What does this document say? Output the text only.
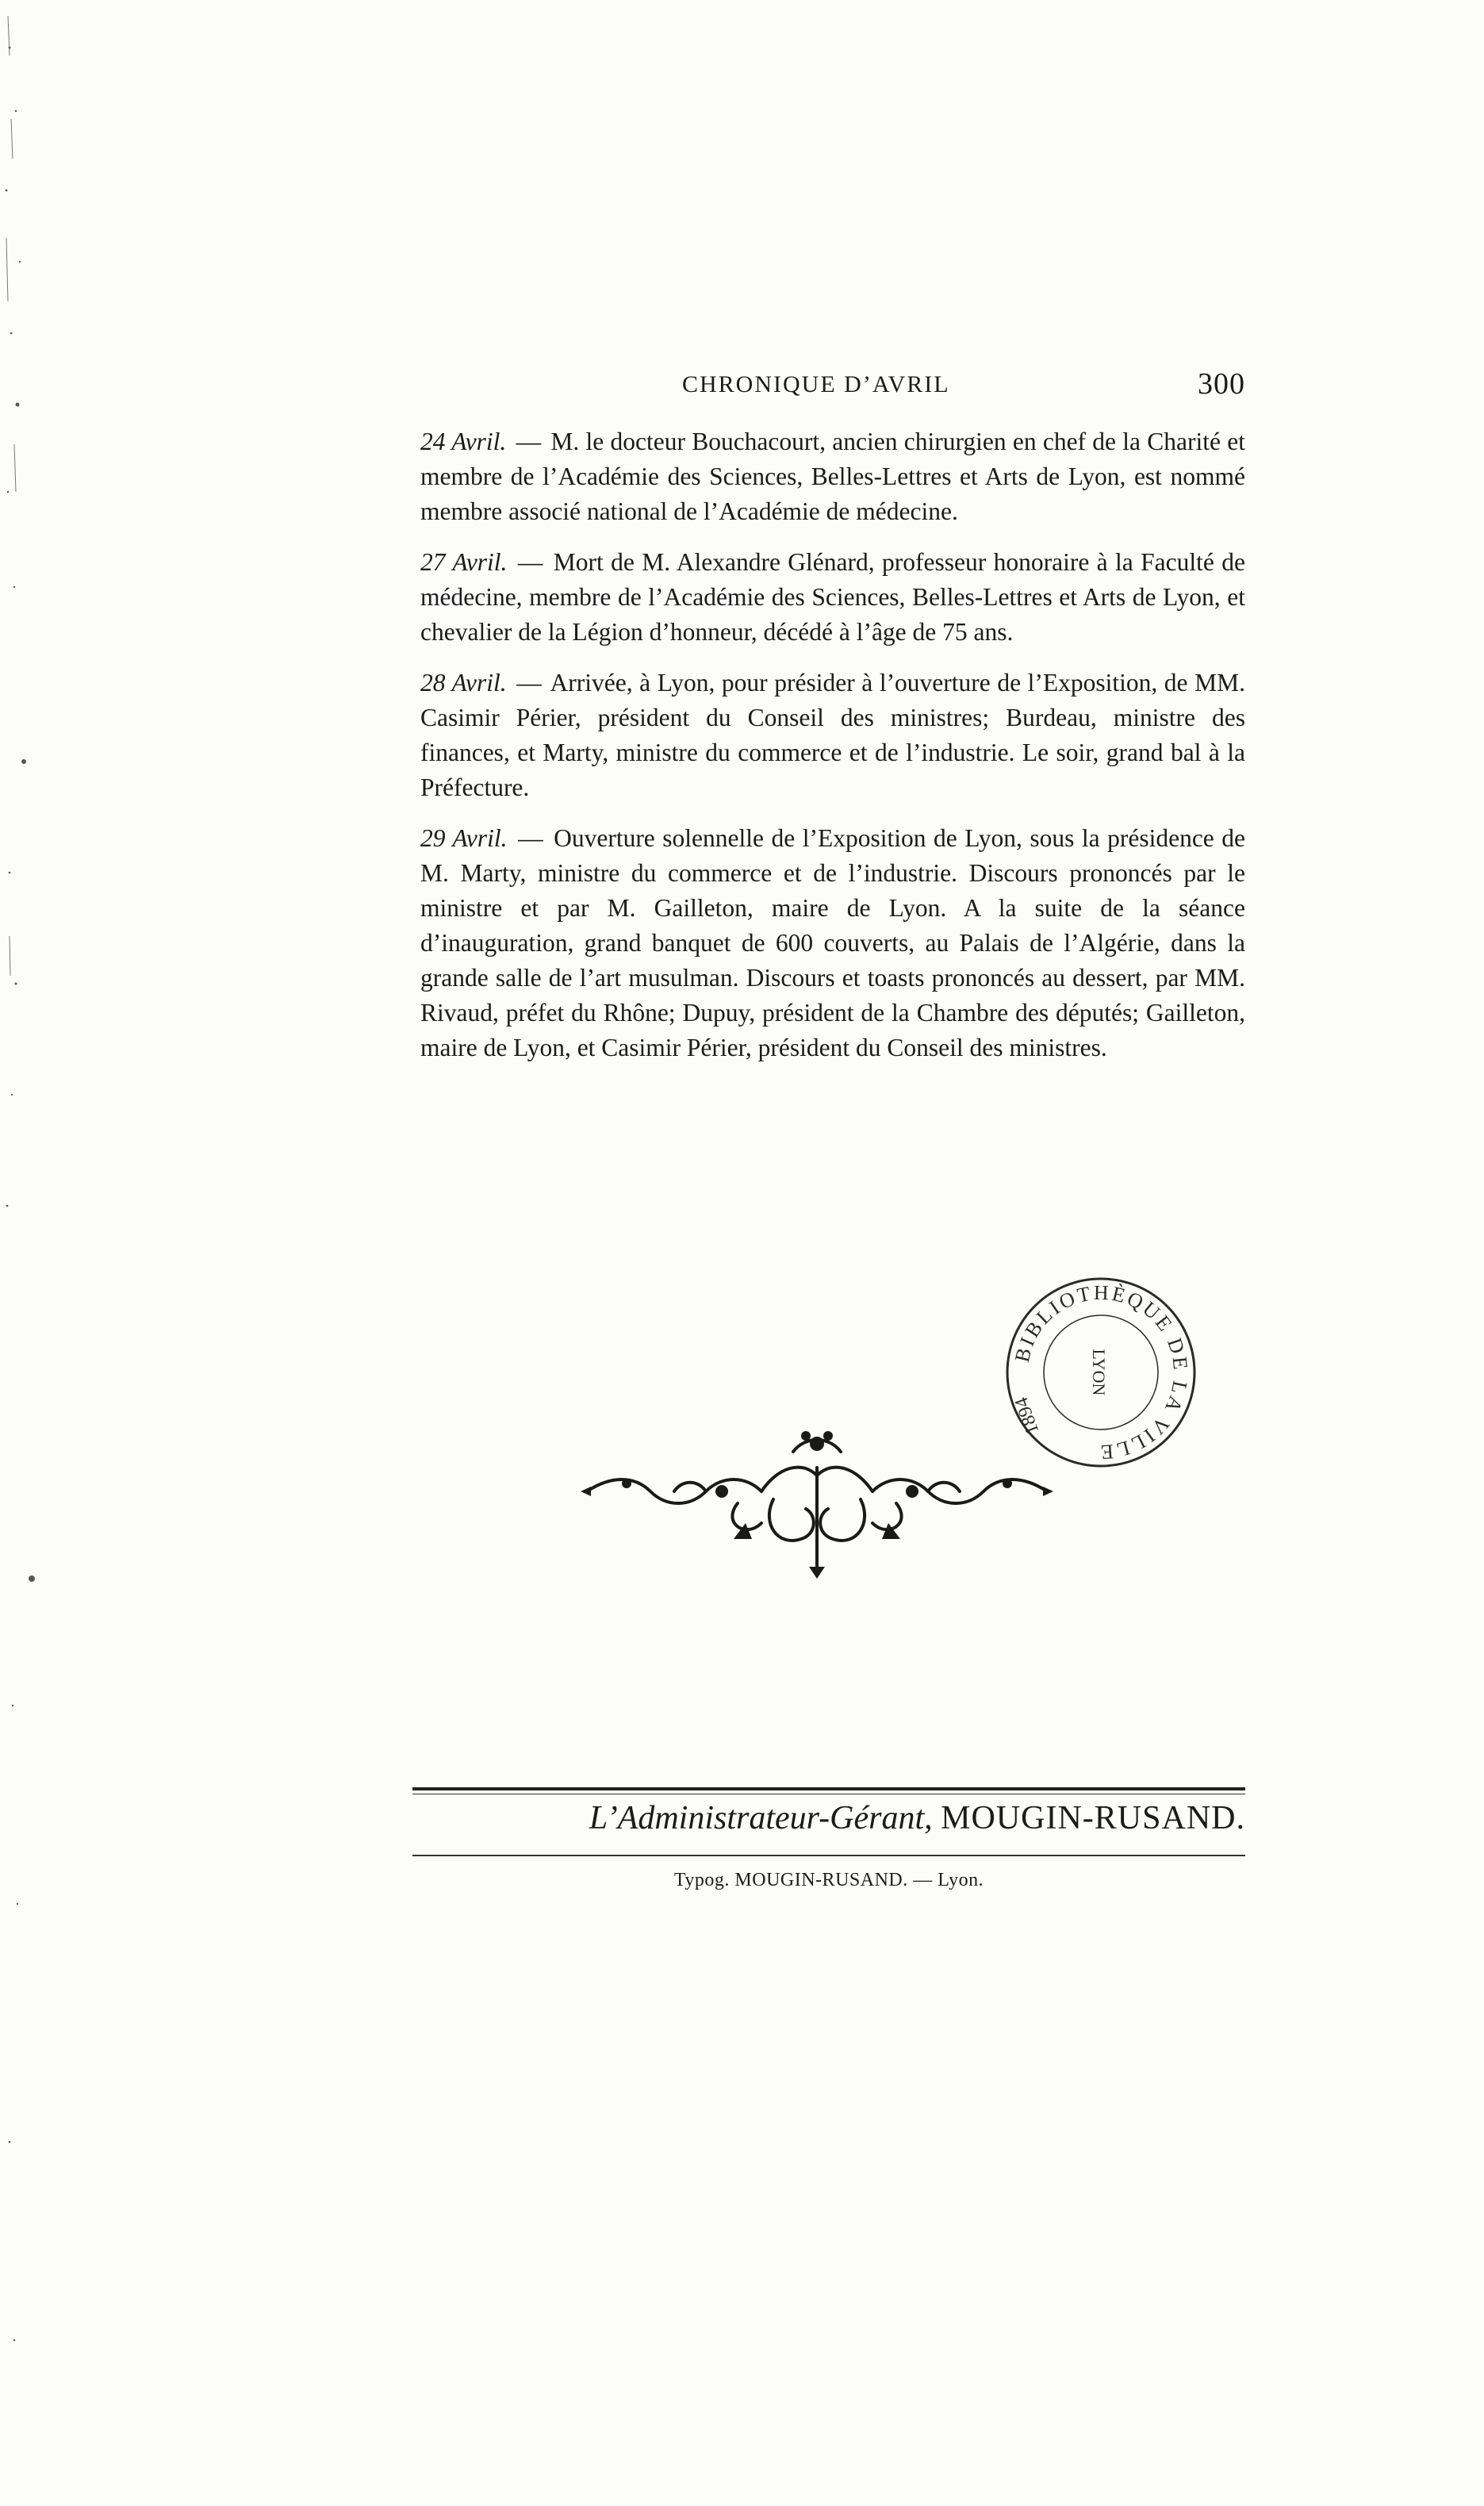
CHRONIQUE D’AVRIL	300

24 Avril. — M. le docteur Bouchacourt, ancien chirurgien en chef de la Charité et membre de l’Académie des Sciences, Belles-Lettres et Arts de Lyon, est nommé membre associé national de l’Académie de médecine.

27 Avril. — Mort de M. Alexandre Glénard, professeur honoraire à la Faculté de médecine, membre de l’Académie des Sciences, Belles-Lettres et Arts de Lyon, et chevalier de la Légion d’honneur, décédé à l’âge de 75 ans.

28 Avril. — Arrivée, à Lyon, pour présider à l’ouverture de l’Exposition, de MM. Casimir Périer, président du Conseil des ministres; Burdeau, ministre des finances, et Marty, ministre du commerce et de l’industrie. Le soir, grand bal à la Préfecture.

29 Avril. — Ouverture solennelle de l’Exposition de Lyon, sous la présidence de M. Marty, ministre du commerce et de l’industrie. Discours prononcés par le ministre et par M. Gailleton, maire de Lyon. A la suite de la séance d’inauguration, grand banquet de 600 couverts, au Palais de l’Algérie, dans la grande salle de l’art musulman. Discours et toasts prononcés au dessert, par MM. Rivaud, préfet du Rhône; Dupuy, président de la Chambre des députés; Gailleton, maire de Lyon, et Casimir Périer, président du Conseil des ministres.

BIBLIOTHÈQUE DE LA VILLE
LYON
1894
L’Administrateur-Gérant, MOUGIN-RUSAND.
Typog. MOUGIN-RUSAND. — Lyon.
